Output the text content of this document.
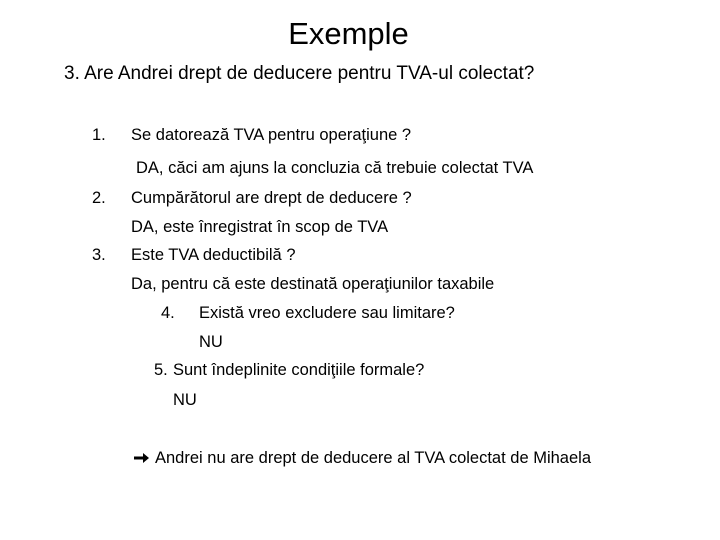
Exemple
3. Are Andrei drept de deducere pentru TVA-ul colectat?
1. Se datorează TVA pentru operaţiune ?
DA, căci am ajuns la concluzia că trebuie colectat TVA
2. Cumpărătorul are drept de deducere ?
DA, este înregistrat în scop de TVA
3. Este TVA deductibilă ?
Da, pentru că este destinată operaţiunilor taxabile
4. Există vreo excludere sau limitare?
NU
5. Sunt îndeplinite condiţiile formale?
NU
Andrei nu are drept de deducere al TVA colectat de Mihaela
